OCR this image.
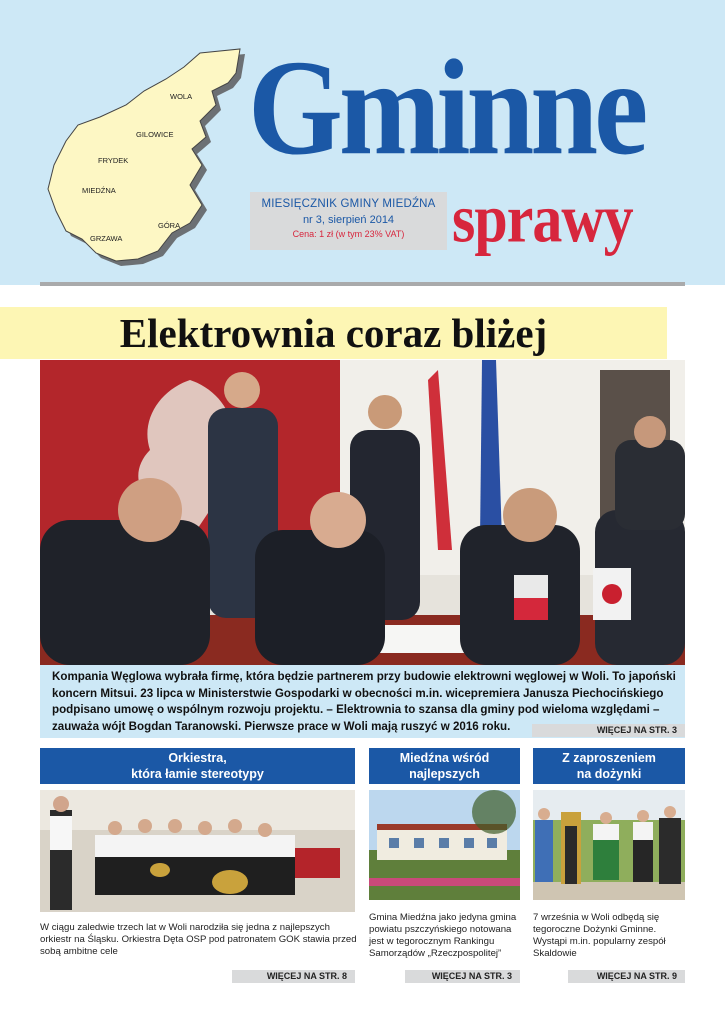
WOLA
GILOWICE
FRYDEK
MIEDŹNA
GÓRA
GRZAWA
Gminne
MIESIĘCZNIK GMINY MIEDŹNA
nr 3, sierpień 2014
Cena: 1 zł (w tym 23% VAT) sprawy
Elektrownia coraz bliżej
Kompania Węglowa wybrała firmę, która będzie partnerem przy budowie elektrowni węglowej w Woli. To japoński koncern Mitsui. 23 lipca w Ministerstwie Gospodarki w obecności m.in. wicepremiera Janusza Piechocińskiego podpisano umowę o wspólnym rozwoju projektu. – Elektrownia to szansa dla gminy pod wieloma względami – zauważa wójt Bogdan Taranowski. Pierwsze prace w Woli mają ruszyć w 2016 roku.	WIĘCEJ NA STR. 3
Orkiestra,
która łamie stereotypy
W ciągu zaledwie trzech lat w Woli narodziła się jedna z najlepszych orkiestr na Śląsku. Orkiestra Dęta OSP pod patronatem GOK stawia przed sobą ambitne cele
WIĘCEJ NA STR. 8
Miedźna wśród najlepszych
Gmina Miedźna jako jedyna gmina powiatu pszczyńskiego notowana jest w tegorocznym Rankingu Samorządów „Rzeczpospolitej”
WIĘCEJ NA STR. 3
Z zaproszeniem
na dożynki
7 września w Woli odbędą się tegoroczne Dożynki Gminne. Wystąpi m.in. popularny zespół Skaldowie
WIĘCEJ NA STR. 9
